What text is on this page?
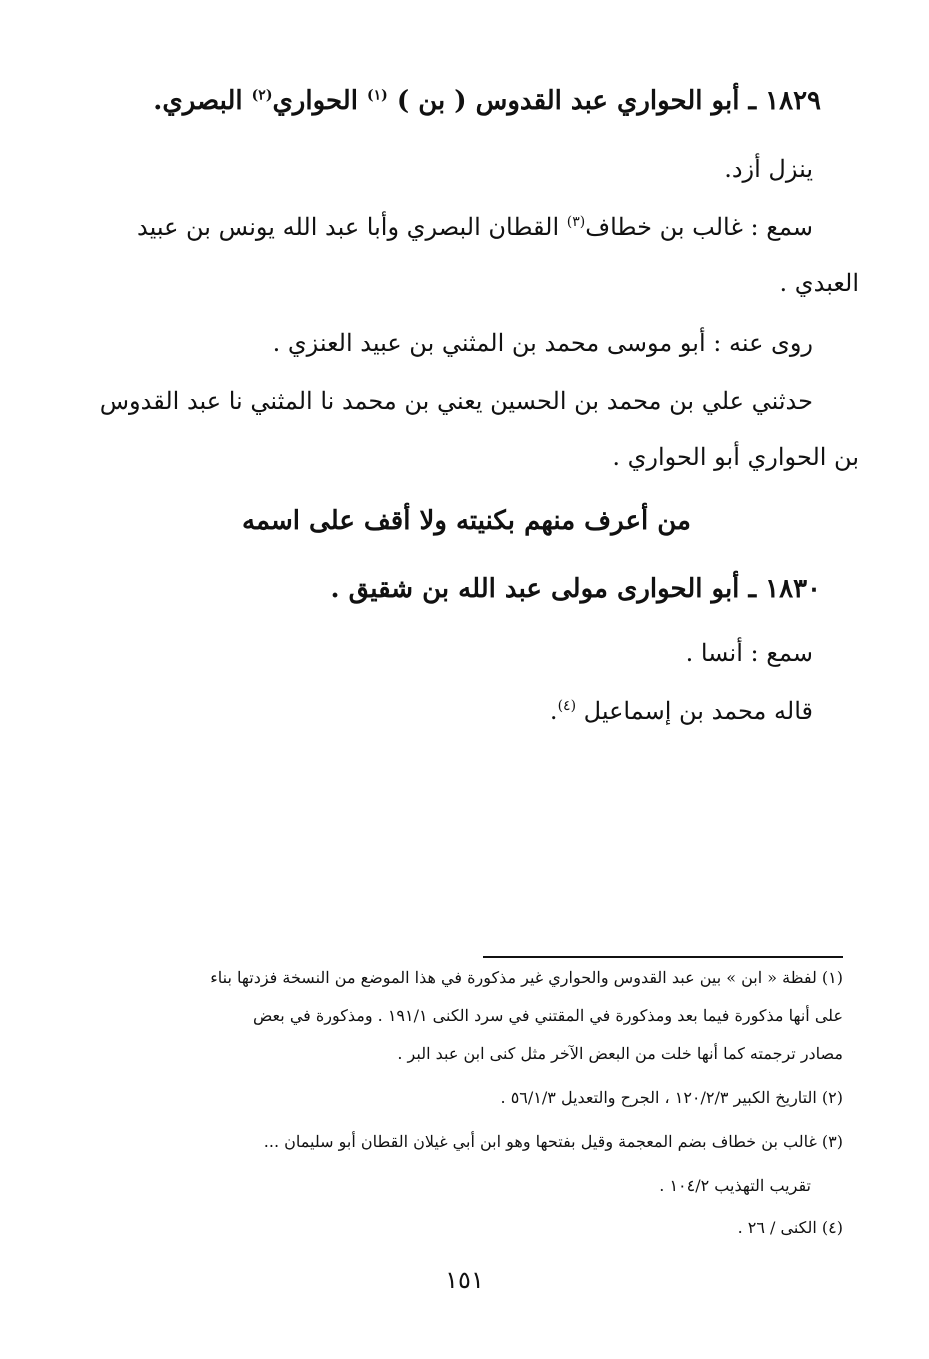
١٨٢٩ ـ أبو الحواري عبد القدوس ( بن ) $^{(١)}$ الحواري$^{(٢)}$ البصري.
ينزل أزد.
سمع : غالب بن خطاف$^{(٣)}$ القطان البصري وأبا عبد الله يونس بن عبيد
العبدي .
روى عنه : أبو موسى محمد بن المثني بن عبيد العنزي .
حدثني علي بن محمد بن الحسين يعني بن محمد نا المثني نا عبد القدوس
بن الحواري أبو الحواري .
من أعرف منهم بكنيته ولا أقف على اسمه
١٨٣٠ ـ أبو الحوارى مولى عبد الله بن شقيق .
سمع : أنسا .
قاله محمد بن إسماعيل $^{(٤)}$.
(١) لفظة « ابن » بين عبد القدوس والحواري غير مذكورة في هذا الموضع من النسخة فزدتها بناء
على أنها مذكورة فيما بعد ومذكورة في المقتني في سرد الكنى ١٩١/١ . ومذكورة في بعض
مصادر ترجمته كما أنها خلت من البعض الآخر مثل كنى ابن عبد البر .
(٢) التاريخ الكبير ١٢٠/٢/٣ ، الجرح والتعديل ٥٦/١/٣ .
(٣) غالب بن خطاف بضم المعجمة وقيل بفتحها وهو ابن أبي غيلان القطان أبو سليمان ...
تقريب التهذيب ١٠٤/٢ .
(٤) الكنى / ٢٦ .
١٥١
